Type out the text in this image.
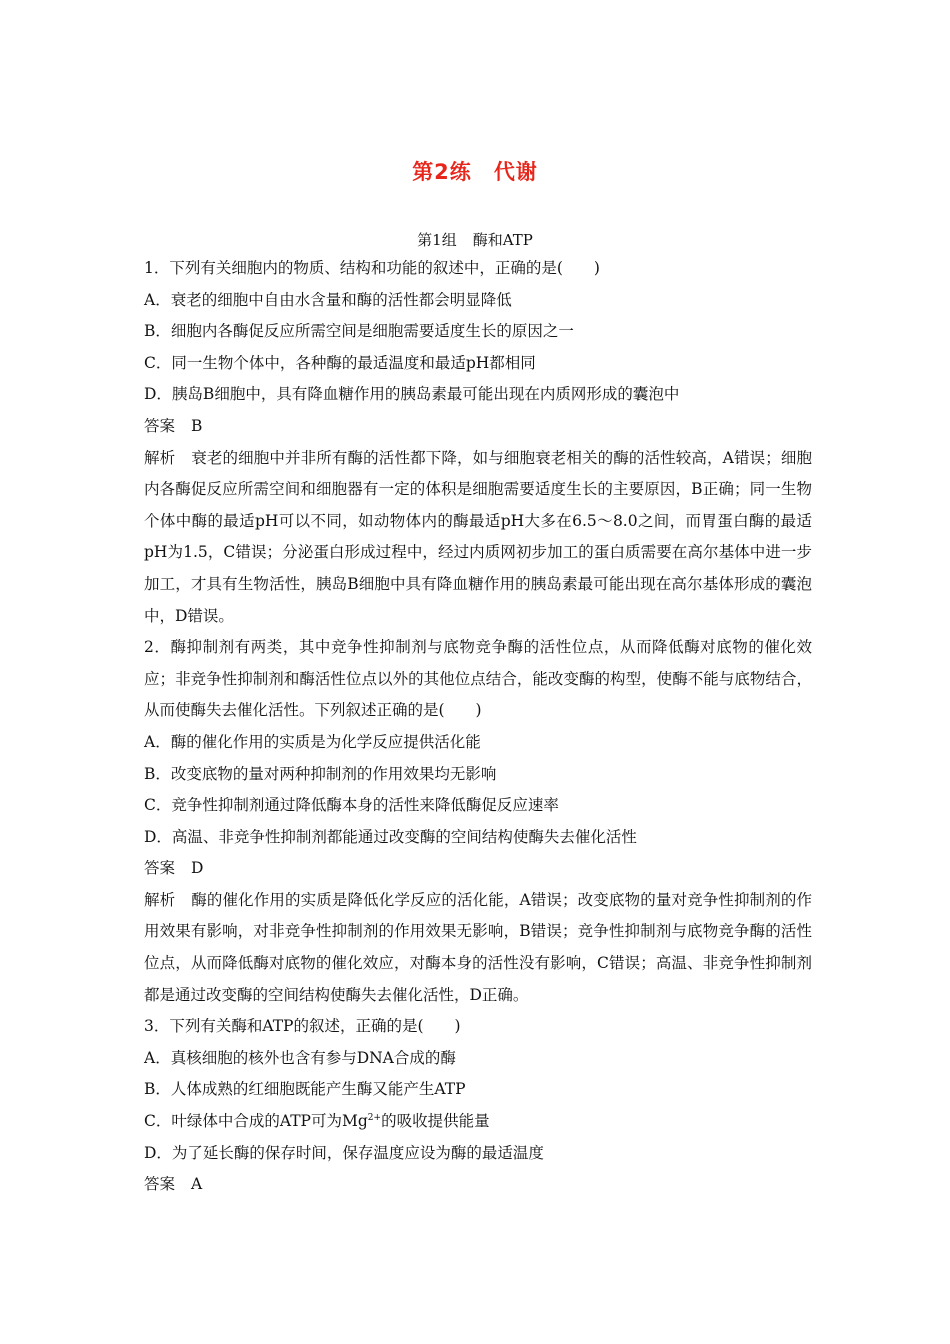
第2练 代谢
第1组 酶和ATP
1．下列有关细胞内的物质、结构和功能的叙述中，正确的是(　　)
A．衰老的细胞中自由水含量和酶的活性都会明显降低
B．细胞内各酶促反应所需空间是细胞需要适度生长的原因之一
C．同一生物个体中，各种酶的最适温度和最适pH都相同
D．胰岛B细胞中，具有降血糖作用的胰岛素最可能出现在内质网形成的囊泡中
答案 B

解析 衰老的细胞中并非所有酶的活性都下降，如与细胞衰老相关的酶的活性较高，A错误；细胞内各酶促反应所需空间和细胞器有一定的体积是细胞需要适度生长的主要原因，B正确；同一生物个体中酶的最适pH可以不同，如动物体内的酶最适pH大多在6.5～8.0之间，而胃蛋白酶的最适pH为1.5，C错误；分泌蛋白形成过程中，经过内质网初步加工的蛋白质需要在高尔基体中进一步加工，才具有生物活性，胰岛B细胞中具有降血糖作用的胰岛素最可能出现在高尔基体形成的囊泡中，D错误。

2．酶抑制剂有两类，其中竞争性抑制剂与底物竞争酶的活性位点，从而降低酶对底物的催化效应；非竞争性抑制剂和酶活性位点以外的其他位点结合，能改变酶的构型，使酶不能与底物结合，从而使酶失去催化活性。下列叙述正确的是(　　)

A．酶的催化作用的实质是为化学反应提供活化能
B．改变底物的量对两种抑制剂的作用效果均无影响
C．竞争性抑制剂通过降低酶本身的活性来降低酶促反应速率
D．高温、非竞争性抑制剂都能通过改变酶的空间结构使酶失去催化活性
答案 D

解析 酶的催化作用的实质是降低化学反应的活化能，A错误；改变底物的量对竞争性抑制剂的作用效果有影响，对非竞争性抑制剂的作用效果无影响，B错误；竞争性抑制剂与底物竞争酶的活性位点，从而降低酶对底物的催化效应，对酶本身的活性没有影响，C错误；高温、非竞争性抑制剂都是通过改变酶的空间结构使酶失去催化活性，D正确。

3．下列有关酶和ATP的叙述，正确的是(　　)
A．真核细胞的核外也含有参与DNA合成的酶
B．人体成熟的红细胞既能产生酶又能产生ATP
C．叶绿体中合成的ATP可为$Mg^{2+}$的吸收提供能量
D．为了延长酶的保存时间，保存温度应设为酶的最适温度
答案 A
